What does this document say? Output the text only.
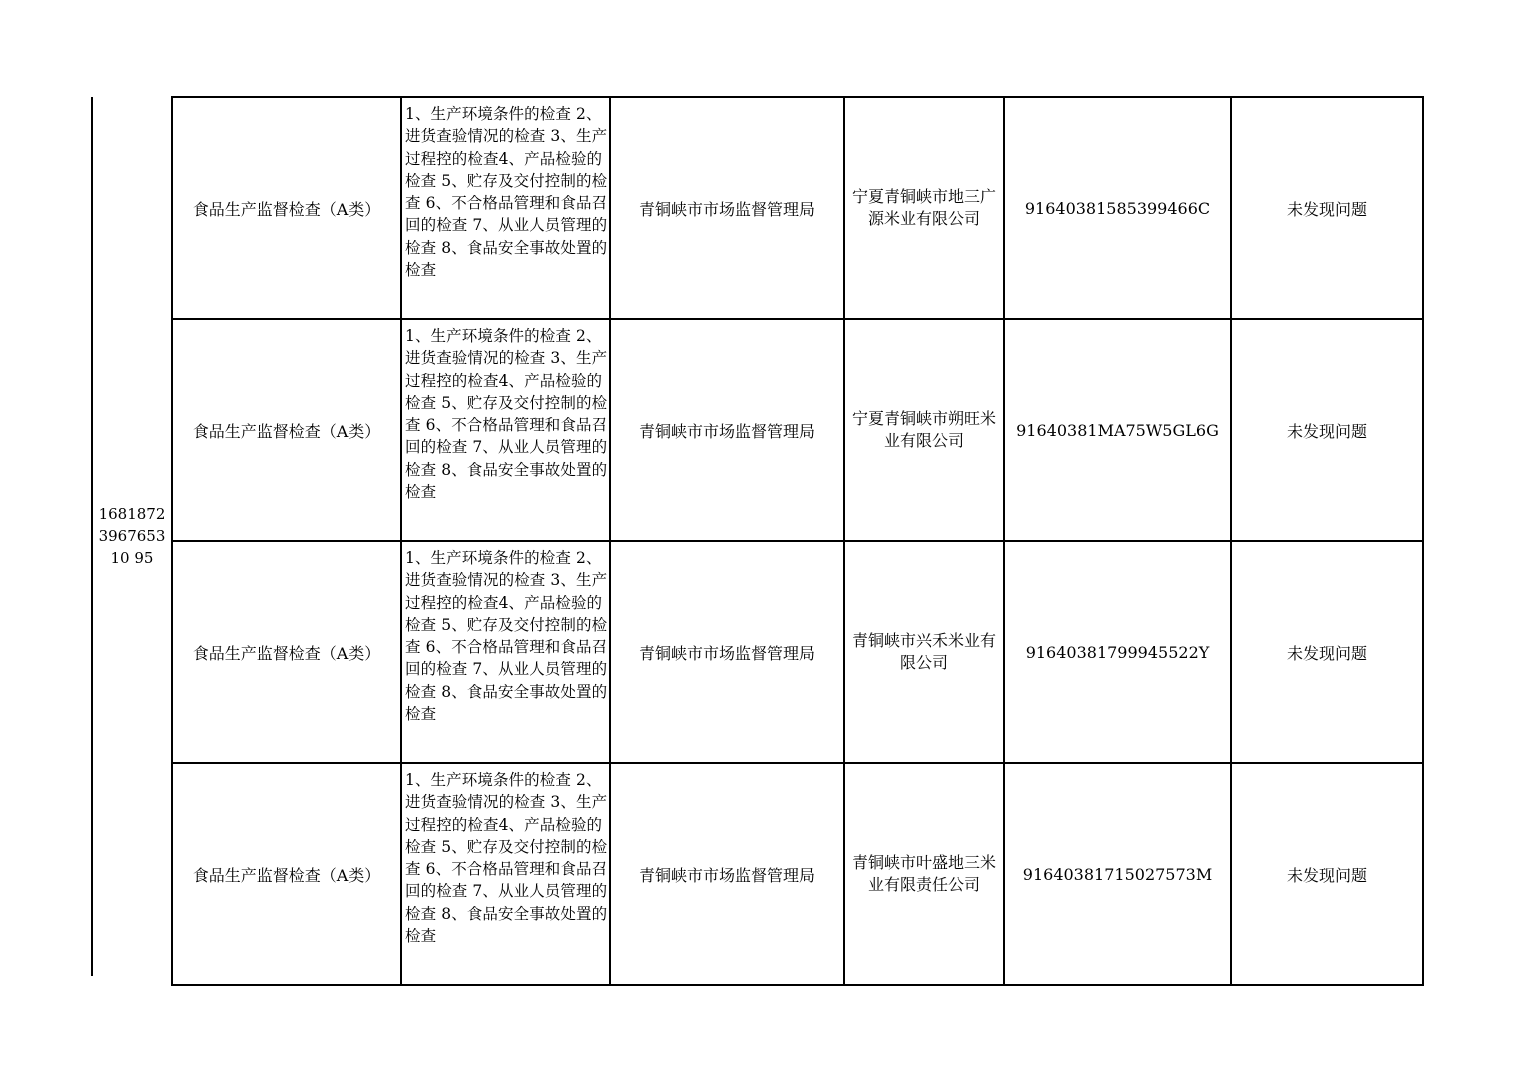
1681872396765310 95
食品生产监督检查（A类）	1、生产环境条件的检查 2、进货查验情况的检查 3、生产过程控的检查4、产品检验的检查 5、贮存及交付控制的检查 6、不合格品管理和食品召回的检查 7、从业人员管理的检查 8、食品安全事故处置的检查	青铜峡市市场监督管理局	宁夏青铜峡市地三广源米业有限公司	91640381585399466C	未发现问题
食品生产监督检查（A类）	1、生产环境条件的检查 2、进货查验情况的检查 3、生产过程控的检查4、产品检验的检查 5、贮存及交付控制的检查 6、不合格品管理和食品召回的检查 7、从业人员管理的检查 8、食品安全事故处置的检查	青铜峡市市场监督管理局	宁夏青铜峡市朔旺米业有限公司	91640381MA75W5GL6G	未发现问题
食品生产监督检查（A类）	1、生产环境条件的检查 2、进货查验情况的检查 3、生产过程控的检查4、产品检验的检查 5、贮存及交付控制的检查 6、不合格品管理和食品召回的检查 7、从业人员管理的检查 8、食品安全事故处置的检查	青铜峡市市场监督管理局	青铜峡市兴禾米业有限公司	91640381799945522Y	未发现问题
食品生产监督检查（A类）	1、生产环境条件的检查 2、进货查验情况的检查 3、生产过程控的检查4、产品检验的检查 5、贮存及交付控制的检查 6、不合格品管理和食品召回的检查 7、从业人员管理的检查 8、食品安全事故处置的检查	青铜峡市市场监督管理局	青铜峡市叶盛地三米业有限责任公司	91640381715027573M	未发现问题
